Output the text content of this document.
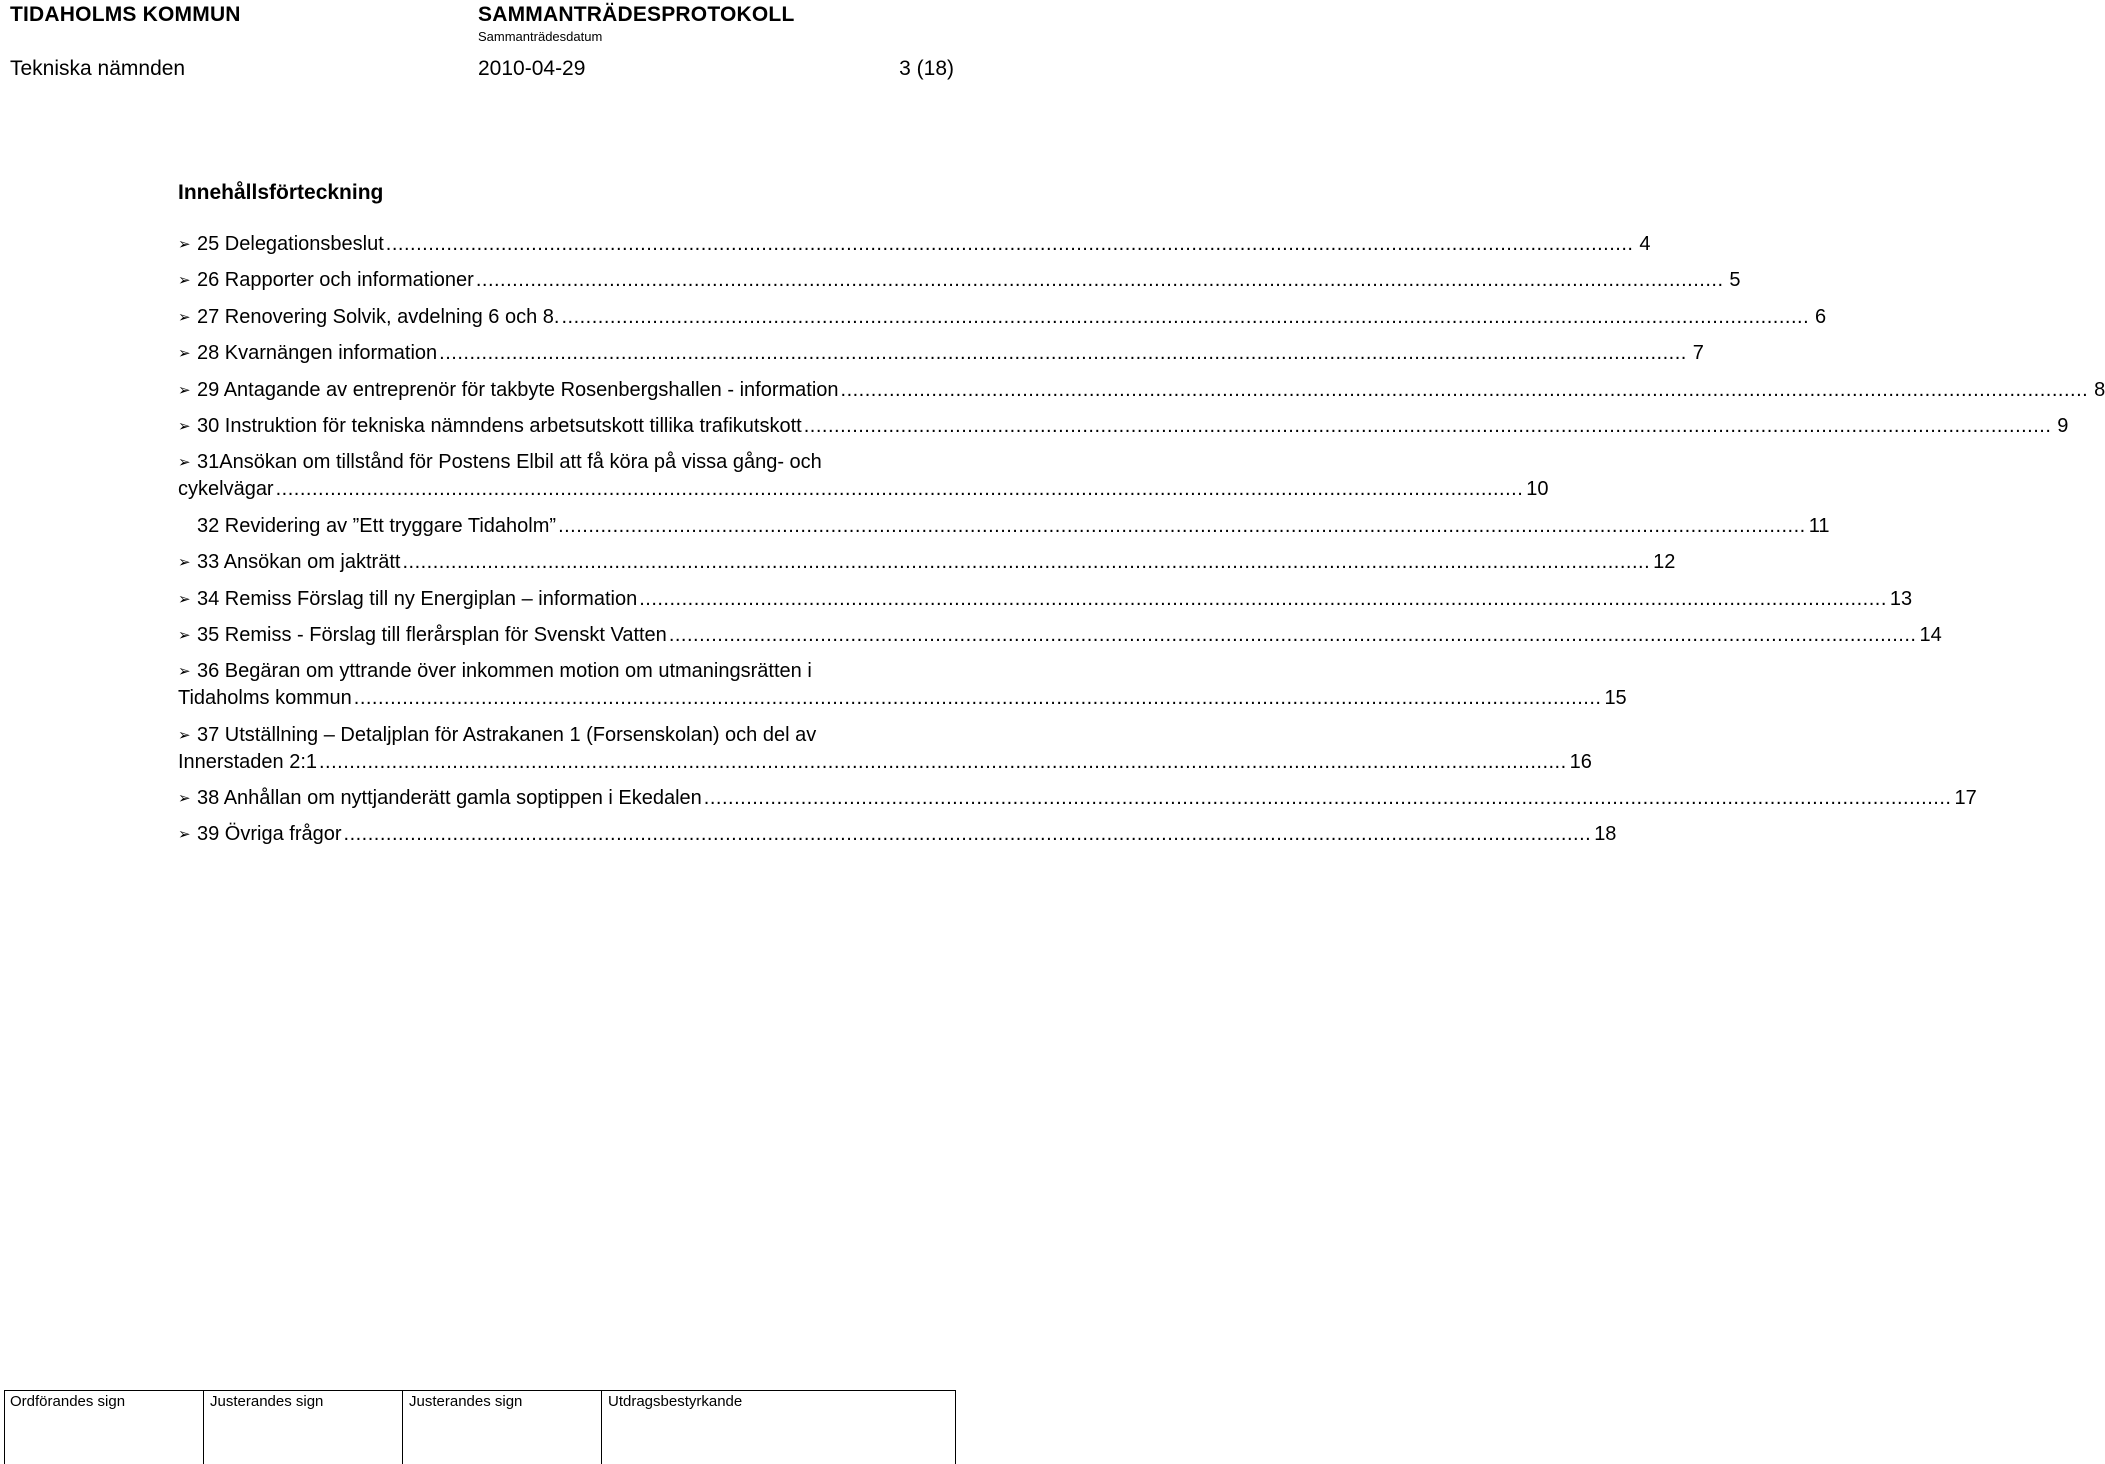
TIDAHOLMS KOMMUN	SAMMANTRÄDESPROTOKOLL
Sammanträdesdatum
Tekniska nämnden	2010-04-29	3 (18)
Innehållsförteckning
➢ 25 Delegationsbeslut .............................................................................................................................................................................................................. 4
➢ 26 Rapporter och informationer .............................................................................................................................................................................................................. 5
➢ 27 Renovering Solvik, avdelning 6 och 8. .............................................................................................................................................................................................................. 6
➢ 28 Kvarnängen information .............................................................................................................................................................................................................. 7
➢ 29 Antagande av entreprenör för takbyte Rosenbergshallen - information .............................................................................................................................................................................................................. 8
➢ 30 Instruktion för tekniska nämndens arbetsutskott tillika trafikutskott .............................................................................................................................................................................................................. 9
➢ 31Ansökan om tillstånd för Postens Elbil att få köra på vissa gång- och
cykelvägar .............................................................................................................................................................................................................. 10
32 Revidering av ”Ett tryggare Tidaholm” .............................................................................................................................................................................................................. 11
➢ 33 Ansökan om jakträtt .............................................................................................................................................................................................................. 12
➢ 34 Remiss Förslag till ny Energiplan – information .............................................................................................................................................................................................................. 13
➢ 35 Remiss - Förslag till flerårsplan för Svenskt Vatten .............................................................................................................................................................................................................. 14
➢ 36 Begäran om yttrande över inkommen motion om utmaningsrätten i
Tidaholms kommun .............................................................................................................................................................................................................. 15
➢ 37 Utställning – Detaljplan för Astrakanen 1 (Forsenskolan) och del av
Innerstaden 2:1 .............................................................................................................................................................................................................. 16
➢ 38 Anhållan om nyttjanderätt gamla soptippen i Ekedalen .............................................................................................................................................................................................................. 17
➢ 39 Övriga frågor .............................................................................................................................................................................................................. 18
Ordförandes sign	Justerandes sign	Justerandes sign	Utdragsbestyrkande
